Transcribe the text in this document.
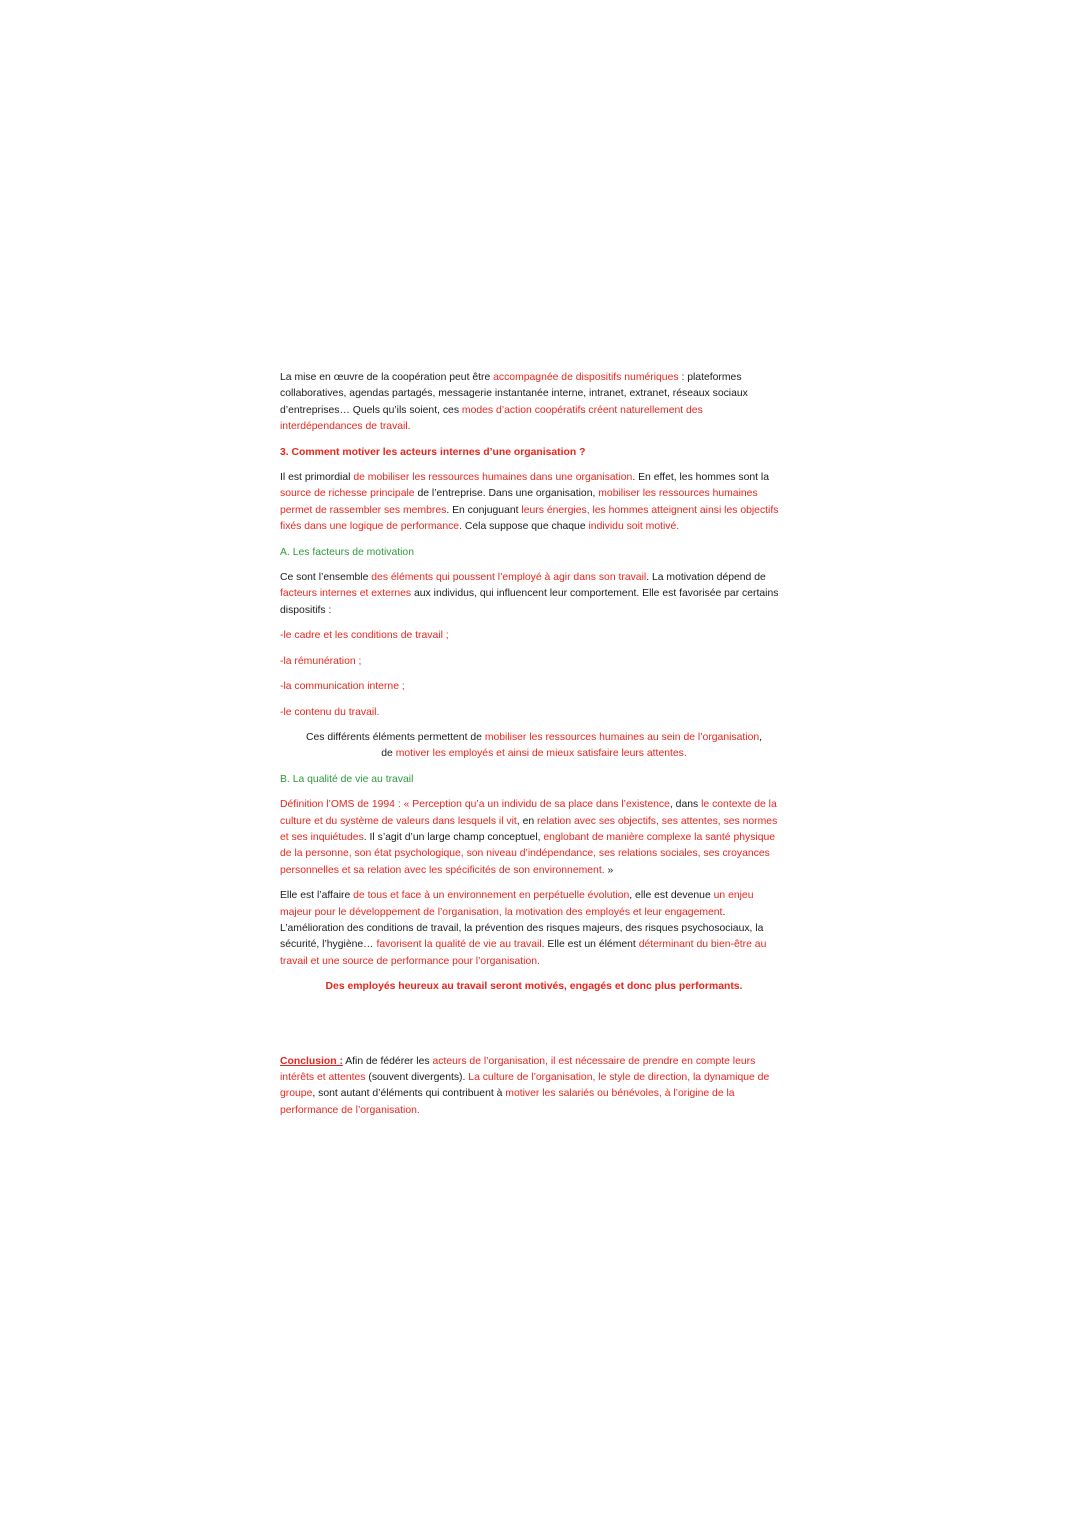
La mise en œuvre de la coopération peut être accompagnée de dispositifs numériques : plateformes collaboratives, agendas partagés, messagerie instantanée interne, intranet, extranet, réseaux sociaux d’entreprises… Quels qu’ils soient, ces modes d’action coopératifs créent naturellement des interdépendances de travail.

3. Comment motiver les acteurs internes d’une organisation ?

Il est primordial de mobiliser les ressources humaines dans une organisation. En effet, les hommes sont la source de richesse principale de l’entreprise. Dans une organisation, mobiliser les ressources humaines permet de rassembler ses membres. En conjuguant leurs énergies, les hommes atteignent ainsi les objectifs fixés dans une logique de performance. Cela suppose que chaque individu soit motivé.

A. Les facteurs de motivation

Ce sont l’ensemble des éléments qui poussent l’employé à agir dans son travail. La motivation dépend de facteurs internes et externes aux individus, qui influencent leur comportement. Elle est favorisée par certains dispositifs :

-le cadre et les conditions de travail ;

-la rémunération ;

-la communication interne ;

-le contenu du travail.

Ces différents éléments permettent de mobiliser les ressources humaines au sein de l’organisation,
de motiver les employés et ainsi de mieux satisfaire leurs attentes.

B. La qualité de vie au travail

Définition l’OMS de 1994 : « Perception qu’a un individu de sa place dans l’existence, dans le contexte de la culture et du système de valeurs dans lesquels il vit, en relation avec ses objectifs, ses attentes, ses normes et ses inquiétudes. Il s’agit d’un large champ conceptuel, englobant de manière complexe la santé physique de la personne, son état psychologique, son niveau d’indépendance, ses relations sociales, ses croyances personnelles et sa relation avec les spécificités de son environnement. »

Elle est l’affaire de tous et face à un environnement en perpétuelle évolution, elle est devenue un enjeu majeur pour le développement de l’organisation, la motivation des employés et leur engagement. L’amélioration des conditions de travail, la prévention des risques majeurs, des risques psychosociaux, la sécurité, l’hygiène… favorisent la qualité de vie au travail. Elle est un élément déterminant du bien-être au travail et une source de performance pour l’organisation.

Des employés heureux au travail seront motivés, engagés et donc plus performants.

Conclusion : Afin de fédérer les acteurs de l’organisation, il est nécessaire de prendre en compte leurs intérêts et attentes (souvent divergents). La culture de l’organisation, le style de direction, la dynamique de groupe, sont autant d’éléments qui contribuent à motiver les salariés ou bénévoles, à l’origine de la performance de l’organisation.
